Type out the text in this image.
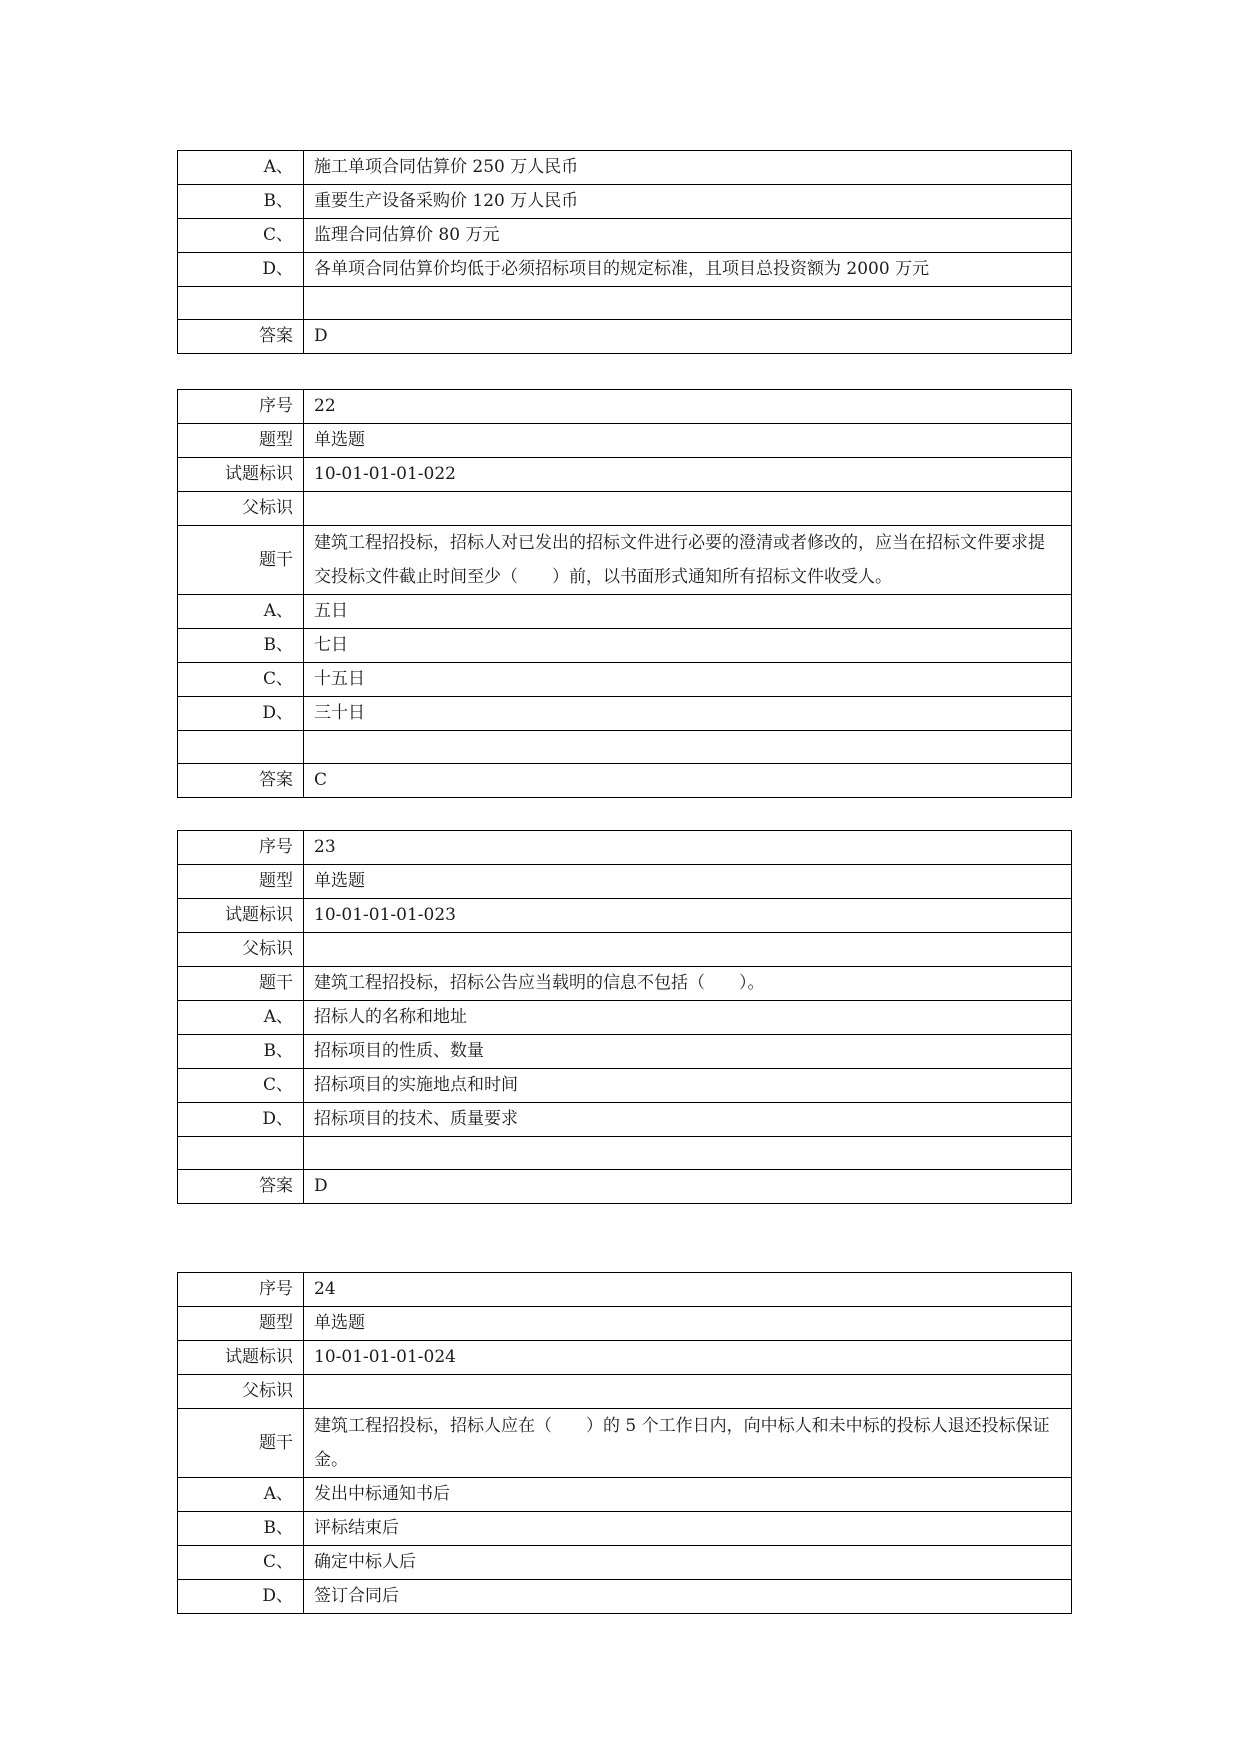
A、	施工单项合同估算价 250 万人民币
B、	重要生产设备采购价 120 万人民币
C、	监理合同估算价 80 万元
D、	各单项合同估算价均低于必须招标项目的规定标准，且项目总投资额为 2000 万元

答案	D
序号	22
题型	单选题
试题标识	10-01-01-01-022
父标识	
题干	建筑工程招投标，招标人对已发出的招标文件进行必要的澄清或者修改的，应当在招标文件要求提交投标文件截止时间至少（　　）前，以书面形式通知所有招标文件收受人。
A、	五日
B、	七日
C、	十五日
D、	三十日

答案	C
序号	23
题型	单选题
试题标识	10-01-01-01-023
父标识	
题干	建筑工程招投标，招标公告应当载明的信息不包括（　　）。
A、	招标人的名称和地址
B、	招标项目的性质、数量
C、	招标项目的实施地点和时间
D、	招标项目的技术、质量要求

答案	D
序号	24
题型	单选题
试题标识	10-01-01-01-024
父标识	
题干	建筑工程招投标，招标人应在（　　）的 5 个工作日内，向中标人和未中标的投标人退还投标保证金。
A、	发出中标通知书后
B、	评标结束后
C、	确定中标人后
D、	签订合同后
